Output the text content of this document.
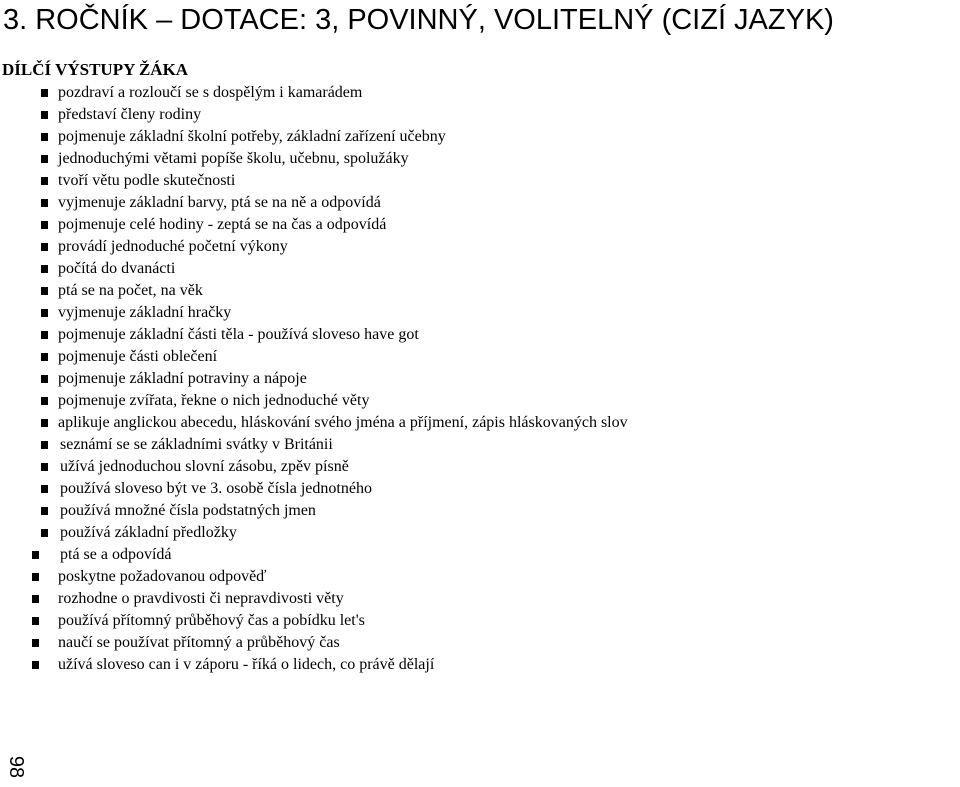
3. ROČNÍK – DOTACE: 3, POVINNÝ, VOLITELNÝ (CIZÍ JAZYK)
DÍLČÍ VÝSTUPY ŽÁKA
pozdraví a rozloučí se s dospělým i kamarádem
představí členy rodiny
pojmenuje základní školní potřeby, základní zařízení učebny
jednoduchými větami popíše školu, učebnu, spolužáky
tvoří větu podle skutečnosti
vyjmenuje základní barvy, ptá se na ně a odpovídá
pojmenuje celé hodiny - zeptá se na čas a odpovídá
provádí jednoduché početní výkony
počítá do dvanácti
ptá se na počet, na věk
vyjmenuje základní hračky
pojmenuje základní části těla - používá sloveso have got
pojmenuje části oblečení
pojmenuje základní potraviny a nápoje
pojmenuje zvířata, řekne o nich jednoduché věty
aplikuje anglickou abecedu, hláskování svého jména a příjmení, zápis hláskovaných slov
seznámí se se základními svátky v Británii
užívá jednoduchou slovní zásobu, zpěv písně
používá sloveso být ve 3. osobě čísla jednotného
používá množné čísla podstatných jmen
používá základní předložky
ptá se a odpovídá
poskytne požadovanou odpověď
rozhodne o pravdivosti či nepravdivosti věty
používá přítomný průběhový čas a pobídku let's
naučí se používat přítomný a průběhový čas
užívá sloveso can i v záporu - říká o lidech, co právě dělají
98
